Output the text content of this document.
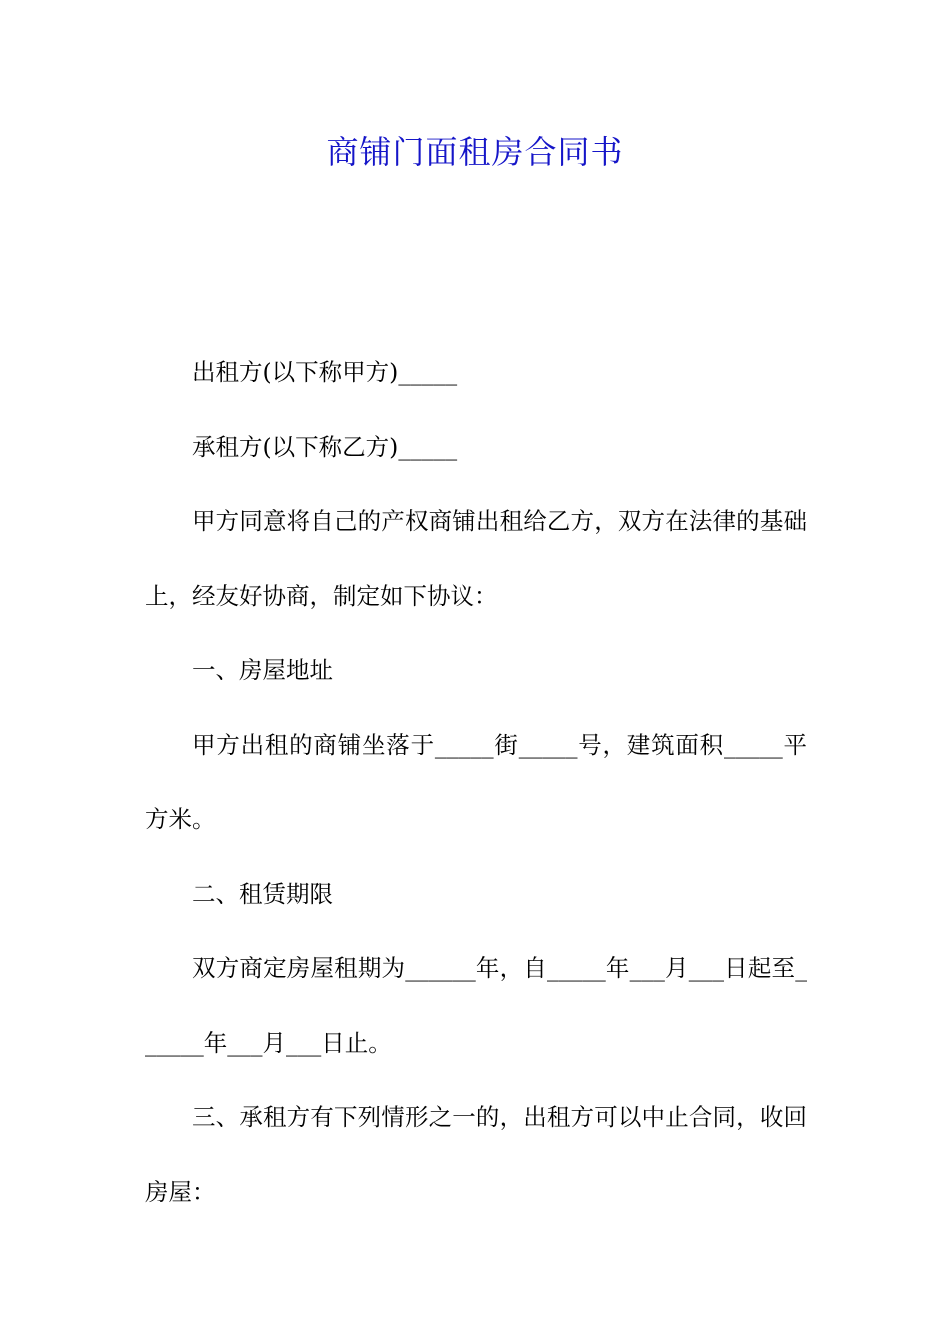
商铺门面租房合同书

出租方(以下称甲方)_____

承租方(以下称乙方)_____

甲方同意将自己的产权商铺出租给乙方，双方在法律的基础上，经友好协商，制定如下协议：

一、房屋地址

甲方出租的商铺坐落于_____街_____号，建筑面积_____平方米。

二、租赁期限

双方商定房屋租期为______年，自_____年___月___日起至______年___月___日止。

三、承租方有下列情形之一的，出租方可以中止合同，收回房屋：
